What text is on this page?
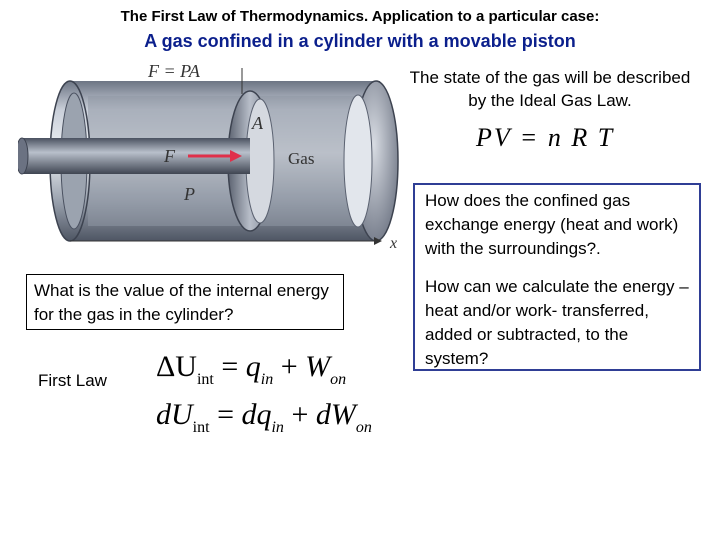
The First Law of Thermodynamics. Application to a particular case:
A gas confined in a cylinder with a movable piston
F = PA
A
F	Gas
P
x
The state of the gas will be described by the Ideal Gas Law.
PV = n R T
How does the confined gas exchange energy (heat and work) with the surroundings?.
How can we calculate the energy –heat and/or work- transferred, added or subtracted, to the system?
What is the value of the internal energy for the gas in the cylinder?
First Law $\Delta U_{int} = q_{in} + W_{on}$
$dU_{int} = dq_{in} + dW_{on}$
